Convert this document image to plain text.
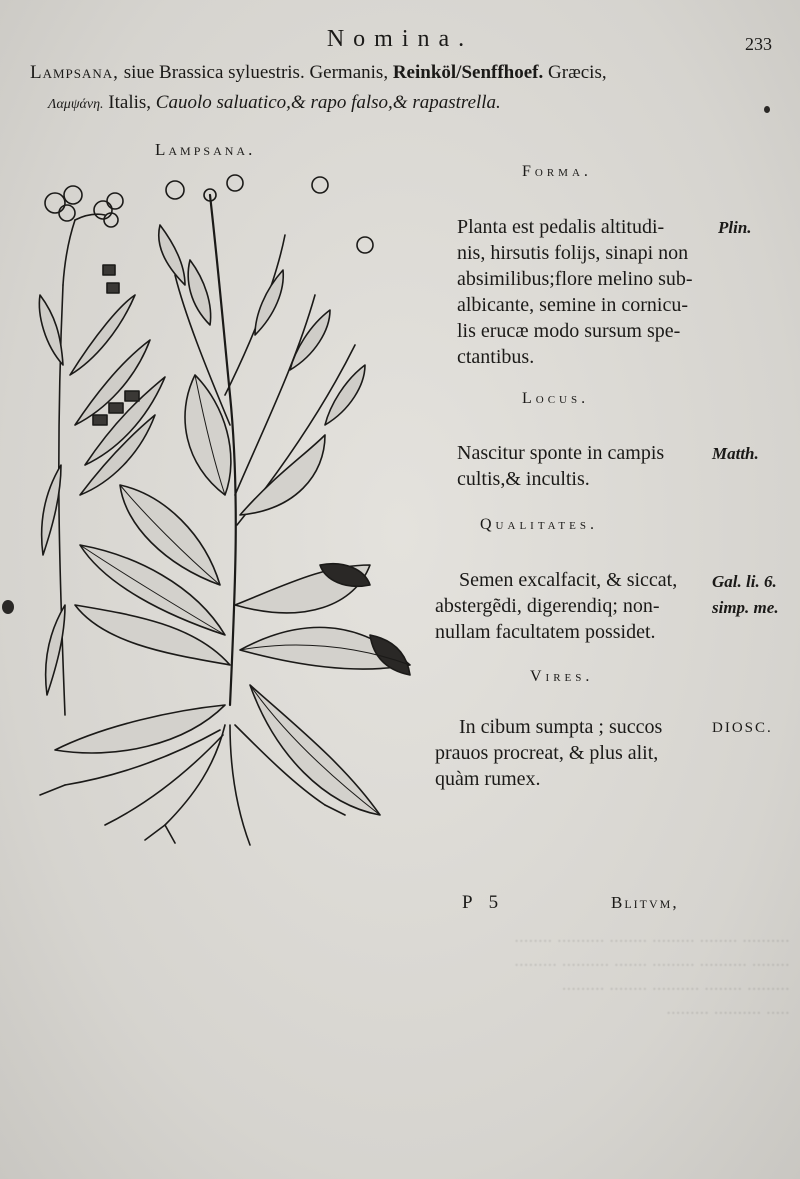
·········· ········ ········· ········ ·········· ········
········ ·········· ········· ······· ·········· ·········
········· ········ ·········· ········ ·········
····· ·········· ·········
Nomina.	233
Lampsana, siue Brassica syluestris. Germanis, Reinköl/Senffhoef. Græcis,
Λαμψάνη. Italis, Cauolo saluatico,& rapo falso,& rapastrella.
Lampsana.
Forma.
Planta est pedalis altitudi-
nis, hirsutis folijs, sinapi non
absimilibus;flore melino sub-
albicante, semine in cornicu-
lis erucæ modo sursum spe-
ctantibus.
Plin.
Locus.
Nascitur sponte in campis
cultis,& incultis.
Matth.
Qualitates.
Semen excalfacit, & siccat,
abstergẽdi, digerendiq; non-
nullam facultatem possidet.
Gal. li. 6.
simp. me.
Vires.
In cibum sumpta ; succos
prauos procreat, & plus alit,
quàm rumex.
DIOSC.
P 5	Blitvm,
